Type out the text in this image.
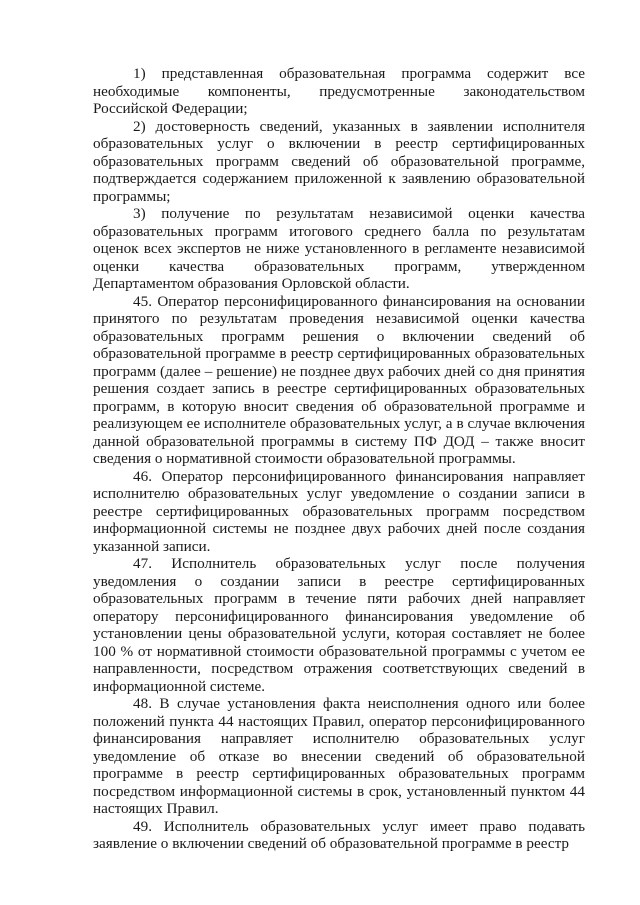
1) представленная образовательная программа содержит все необходимые компоненты, предусмотренные законодательством Российской Федерации;

2) достоверность сведений, указанных в заявлении исполнителя образовательных услуг о включении в реестр сертифицированных образовательных программ сведений об образовательной программе, подтверждается содержанием приложенной к заявлению образовательной программы;

3) получение по результатам независимой оценки качества образовательных программ итогового среднего балла по результатам оценок всех экспертов не ниже установленного в регламенте независимой оценки качества образовательных программ, утвержденном Департаментом образования Орловской области.

45. Оператор персонифицированного финансирования на основании принятого по результатам проведения независимой оценки качества образовательных программ решения о включении сведений об образовательной программе в реестр сертифицированных образовательных программ (далее – решение) не позднее двух рабочих дней со дня принятия решения создает запись в реестре сертифицированных образовательных программ, в которую вносит сведения об образовательной программе и реализующем ее исполнителе образовательных услуг, а в случае включения данной образовательной программы в систему ПФ ДОД – также вносит сведения о нормативной стоимости образовательной программы.

46. Оператор персонифицированного финансирования направляет исполнителю образовательных услуг уведомление о создании записи в реестре сертифицированных образовательных программ посредством информационной системы не позднее двух рабочих дней после создания указанной записи.

47. Исполнитель образовательных услуг после получения уведомления о создании записи в реестре сертифицированных образовательных программ в течение пяти рабочих дней направляет оператору персонифицированного финансирования уведомление об установлении цены образовательной услуги, которая составляет не более 100 % от нормативной стоимости образовательной программы с учетом ее направленности, посредством отражения соответствующих сведений в информационной системе.

48. В случае установления факта неисполнения одного или более положений пункта 44 настоящих Правил, оператор персонифицированного финансирования направляет исполнителю образовательных услуг уведомление об отказе во внесении сведений об образовательной программе в реестр сертифицированных образовательных программ посредством информационной системы в срок, установленный пунктом 44 настоящих Правил.

49. Исполнитель образовательных услуг имеет право подавать заявление о включении сведений об образовательной программе в реестр
